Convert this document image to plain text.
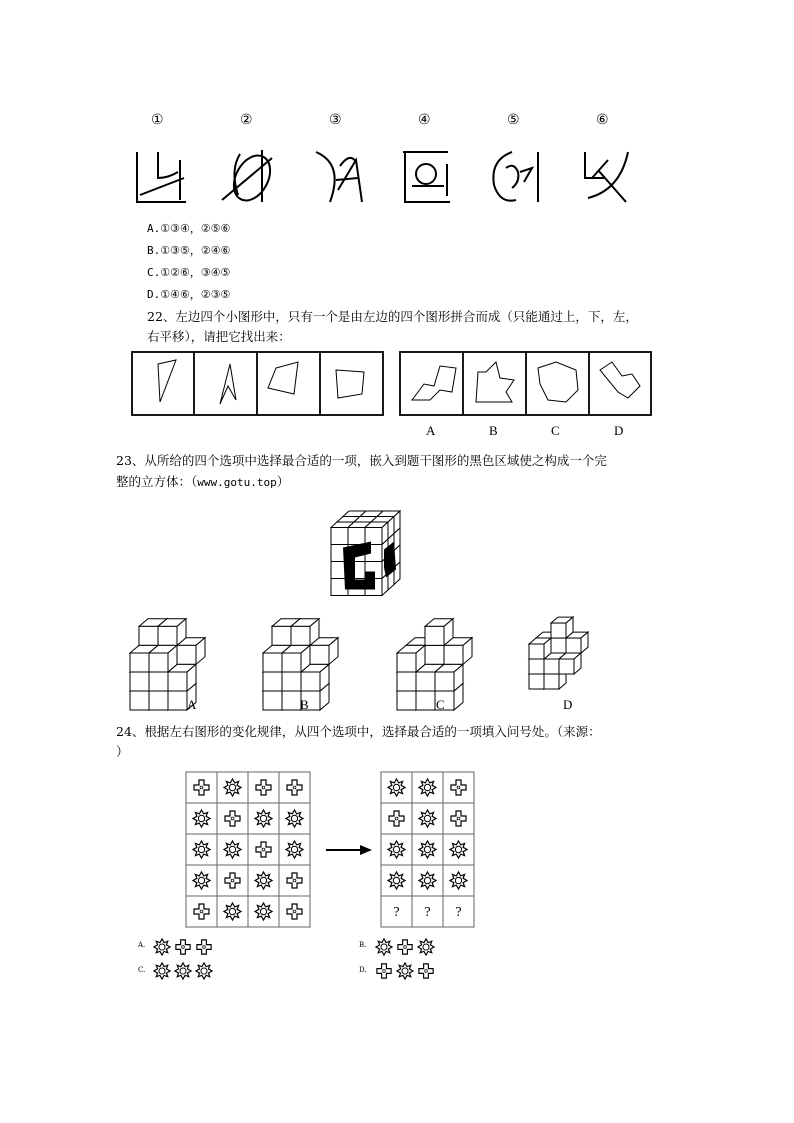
①	②	③	④	⑤	⑥
A.①③④，②⑤⑥
B.①③⑤，②④⑥
C.①②⑥，③④⑤
D.①④⑥，②③⑤
22、左边四个小图形中，只有一个是由左边的四个图形拼合而成（只能通过上，下，左，
右平移），请把它找出来：
A	B	C	D
23、从所给的四个选项中选择最合适的一项，嵌入到题干图形的黑色区域使之构成一个完
整的立方体：（www.gotu.top）
A	B	C	D
24、根据左右图形的变化规律，从四个选项中，选择最合适的一项填入问号处。（来源：
）
? ? ?
A.	B.
C.	D.
